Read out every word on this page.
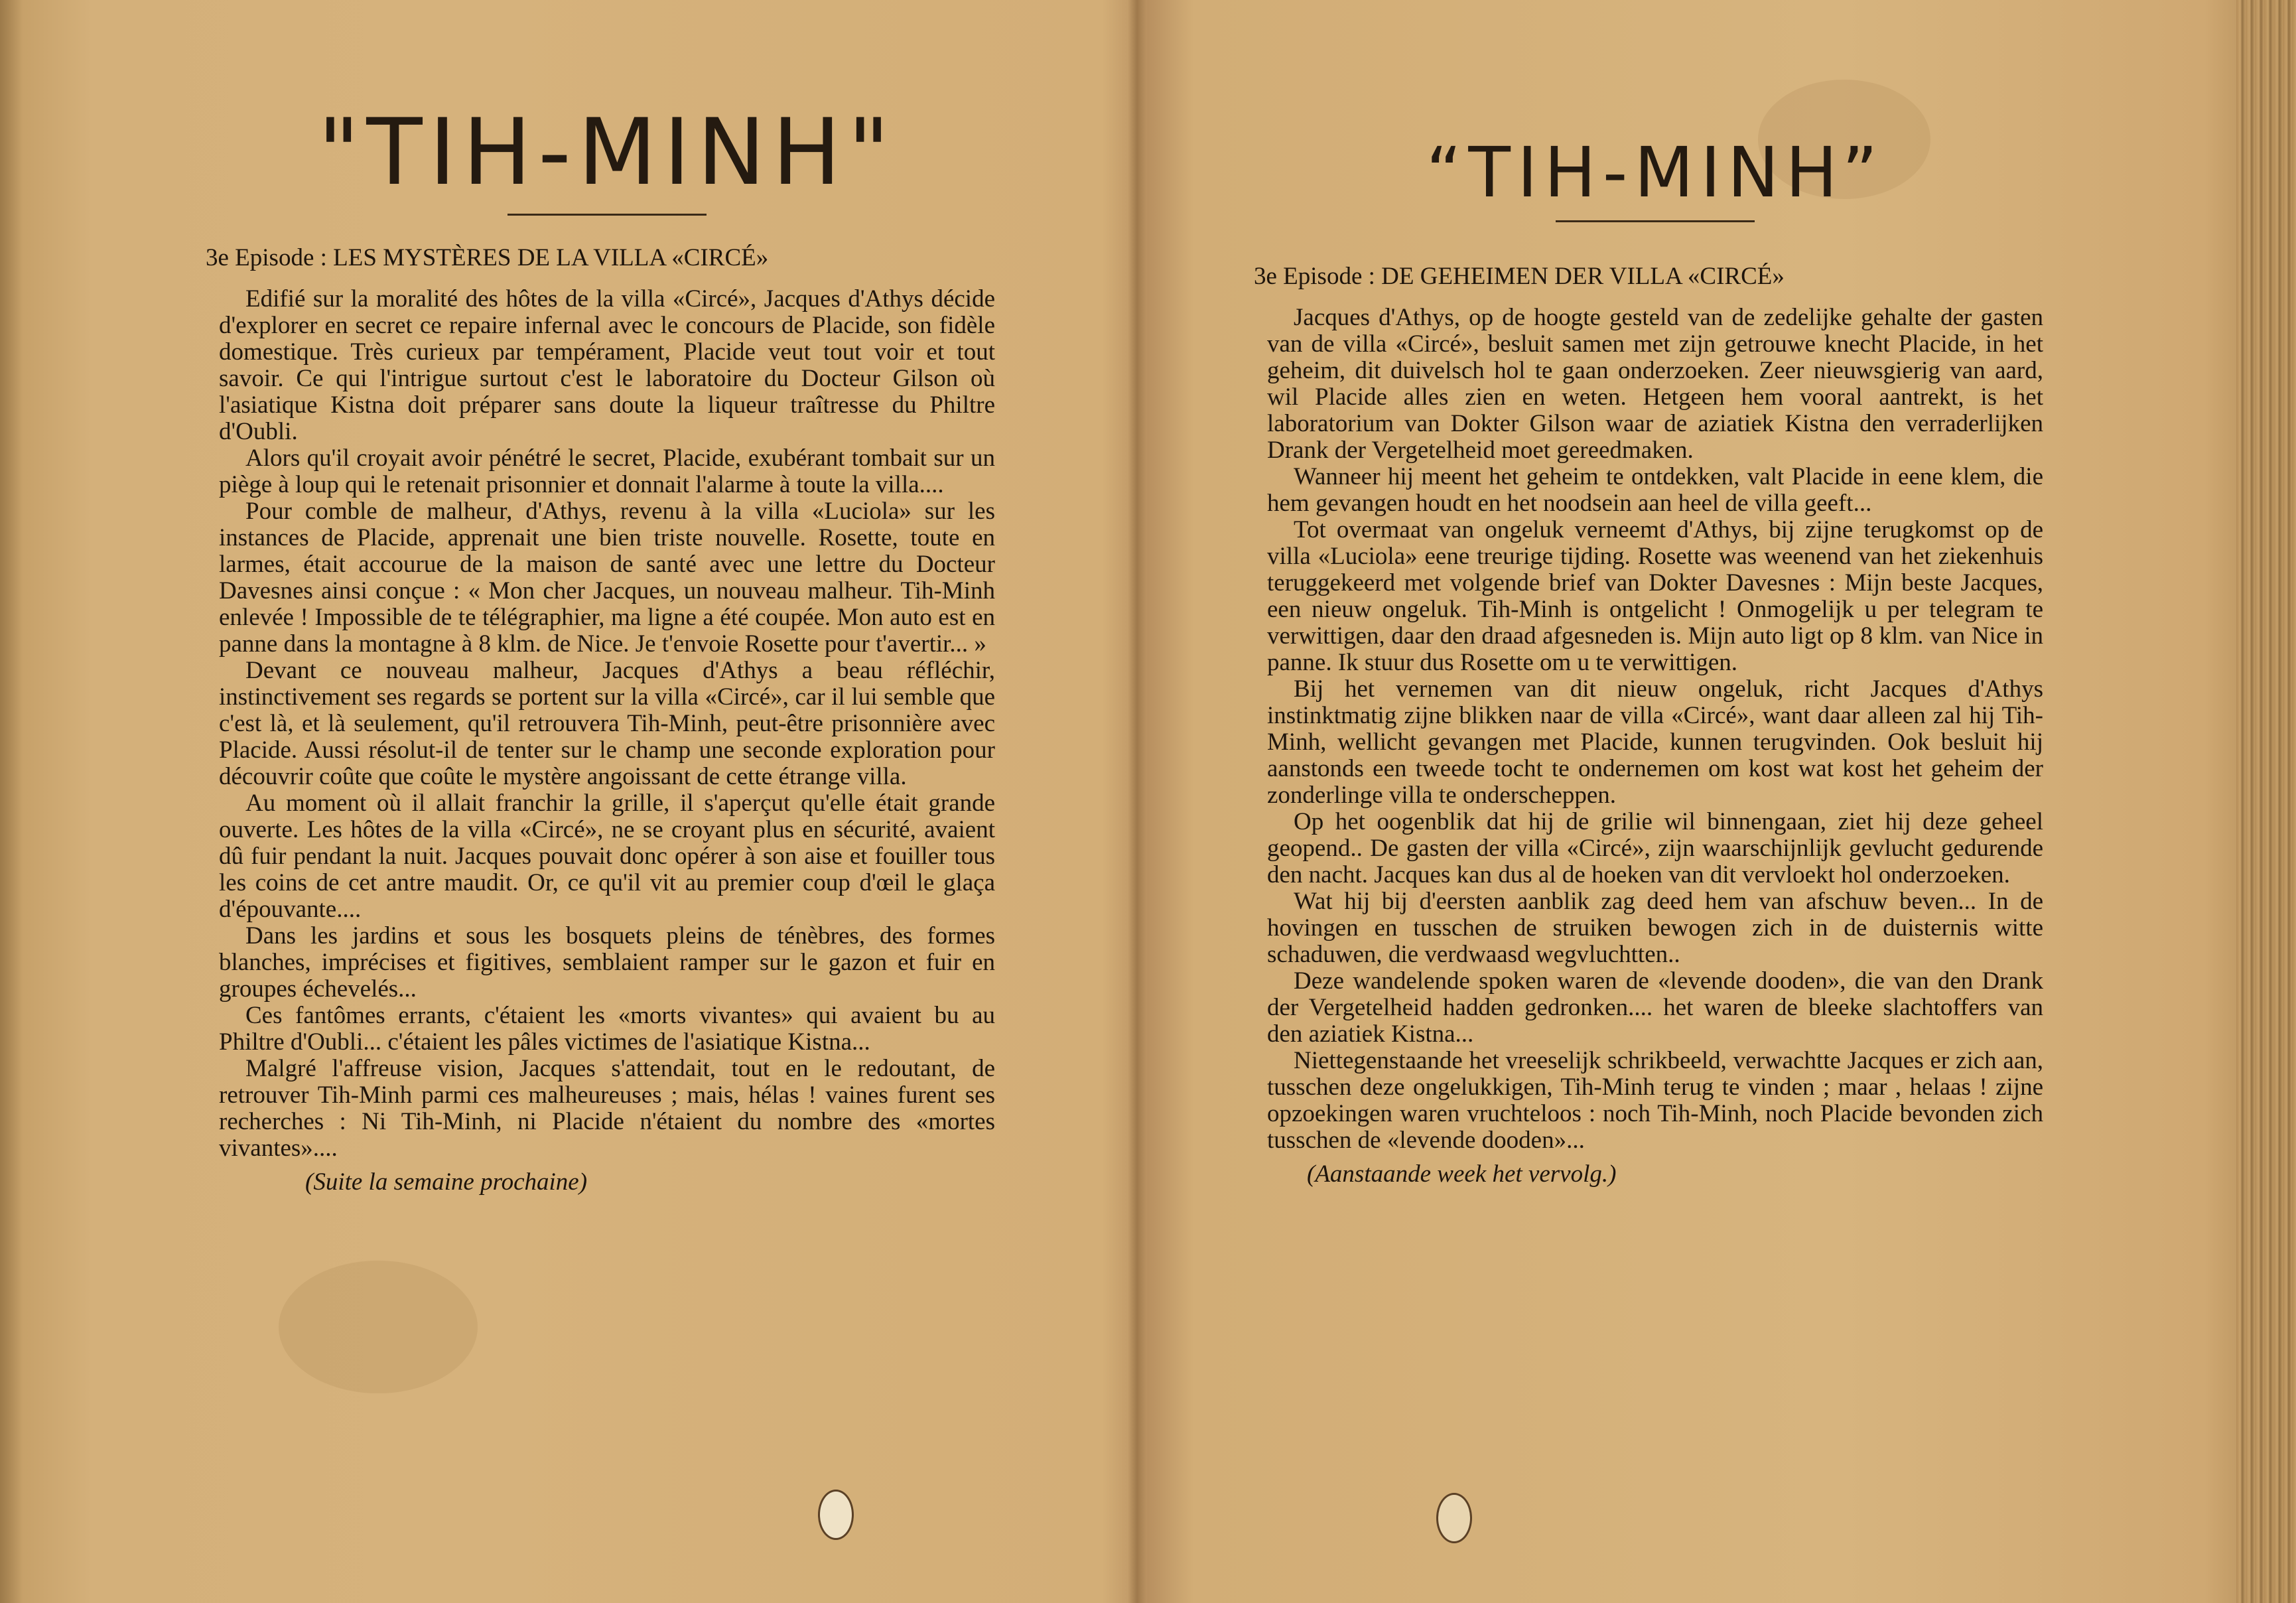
"TIH-MINH"
3e Episode : LES MYSTÈRES DE LA VILLA «CIRCÉ»

Edifié sur la moralité des hôtes de la villa «Circé», Jacques d'Athys décide d'explorer en secret ce repaire infernal avec le concours de Placide, son fidèle domestique. Très curieux par tempérament, Placide veut tout voir et tout savoir. Ce qui l'intrigue surtout c'est le laboratoire du Docteur Gilson où l'asiatique Kistna doit préparer sans doute la liqueur traîtresse du Philtre d'Oubli.

Alors qu'il croyait avoir pénétré le secret, Placide, exubérant tombait sur un piège à loup qui le retenait prisonnier et donnait l'alarme à toute la villa....

Pour comble de malheur, d'Athys, revenu à la villa «Luciola» sur les instances de Placide, apprenait une bien triste nouvelle. Rosette, toute en larmes, était accourue de la maison de santé avec une lettre du Docteur Davesnes ainsi conçue : « Mon cher Jacques, un nouveau malheur. Tih-Minh enlevée ! Impossible de te télégraphier, ma ligne a été coupée. Mon auto est en panne dans la montagne à 8 klm. de Nice. Je t'envoie Rosette pour t'avertir... »

Devant ce nouveau malheur, Jacques d'Athys a beau réfléchir, instinctivement ses regards se portent sur la villa «Circé», car il lui semble que c'est là, et là seulement, qu'il retrouvera Tih-Minh, peut-être prisonnière avec Placide. Aussi résolut-il de tenter sur le champ une seconde exploration pour découvrir coûte que coûte le mystère angoissant de cette étrange villa.

Au moment où il allait franchir la grille, il s'aperçut qu'elle était grande ouverte. Les hôtes de la villa «Circé», ne se croyant plus en sécurité, avaient dû fuir pendant la nuit. Jacques pouvait donc opérer à son aise et fouiller tous les coins de cet antre maudit. Or, ce qu'il vit au premier coup d'œil le glaça d'épouvante....

Dans les jardins et sous les bosquets pleins de ténèbres, des formes blanches, imprécises et figitives, semblaient ramper sur le gazon et fuir en groupes échevelés...

Ces fantômes errants, c'étaient les «morts vivantes» qui avaient bu au Philtre d'Oubli... c'étaient les pâles victimes de l'asiatique Kistna...

Malgré l'affreuse vision, Jacques s'attendait, tout en le redoutant, de retrouver Tih-Minh parmi ces malheureuses ; mais, hélas ! vaines furent ses recherches : Ni Tih-Minh, ni Placide n'étaient du nombre des «mortes vivantes»....

(Suite la semaine prochaine)
“TIH-MINH”
3e Episode : DE GEHEIMEN DER VILLA «CIRCÉ»

Jacques d'Athys, op de hoogte gesteld van de zedelijke gehalte der gasten van de villa «Circé», besluit samen met zijn getrouwe knecht Placide, in het geheim, dit duivelsch hol te gaan onderzoeken. Zeer nieuwsgierig van aard, wil Placide alles zien en weten. Hetgeen hem vooral aantrekt, is het laboratorium van Dokter Gilson waar de aziatiek Kistna den verraderlijken Drank der Vergetelheid moet gereedmaken.

Wanneer hij meent het geheim te ontdekken, valt Placide in eene klem, die hem gevangen houdt en het noodsein aan heel de villa geeft...

Tot overmaat van ongeluk verneemt d'Athys, bij zijne terugkomst op de villa «Luciola» eene treurige tijding. Rosette was weenend van het ziekenhuis teruggekeerd met volgende brief van Dokter Davesnes : Mijn beste Jacques, een nieuw ongeluk. Tih-Minh is ontgelicht ! Onmogelijk u per telegram te verwittigen, daar den draad afgesneden is. Mijn auto ligt op 8 klm. van Nice in panne. Ik stuur dus Rosette om u te verwittigen.

Bij het vernemen van dit nieuw ongeluk, richt Jacques d'Athys instinktmatig zijne blikken naar de villa «Circé», want daar alleen zal hij Tih-Minh, wellicht gevangen met Placide, kunnen terugvinden. Ook besluit hij aanstonds een tweede tocht te ondernemen om kost wat kost het geheim der zonderlinge villa te onderscheppen.

Op het oogenblik dat hij de grilie wil binnengaan, ziet hij deze geheel geopend.. De gasten der villa «Circé», zijn waarschijnlijk gevlucht gedurende den nacht. Jacques kan dus al de hoeken van dit vervloekt hol onderzoeken.

Wat hij bij d'eersten aanblik zag deed hem van afschuw beven... In de hovingen en tusschen de struiken bewogen zich in de duisternis witte schaduwen, die verdwaasd wegvluchtten..

Deze wandelende spoken waren de «levende dooden», die van den Drank der Vergetelheid hadden gedronken.... het waren de bleeke slachtoffers van den aziatiek Kistna...

Niettegenstaande het vreeselijk schrikbeeld, verwachtte Jacques er zich aan, tusschen deze ongelukkigen, Tih-Minh terug te vinden ; maar , helaas ! zijne opzoekingen waren vruchteloos : noch Tih-Minh, noch Placide bevonden zich tusschen de «levende dooden»...

(Aanstaande week het vervolg.)
